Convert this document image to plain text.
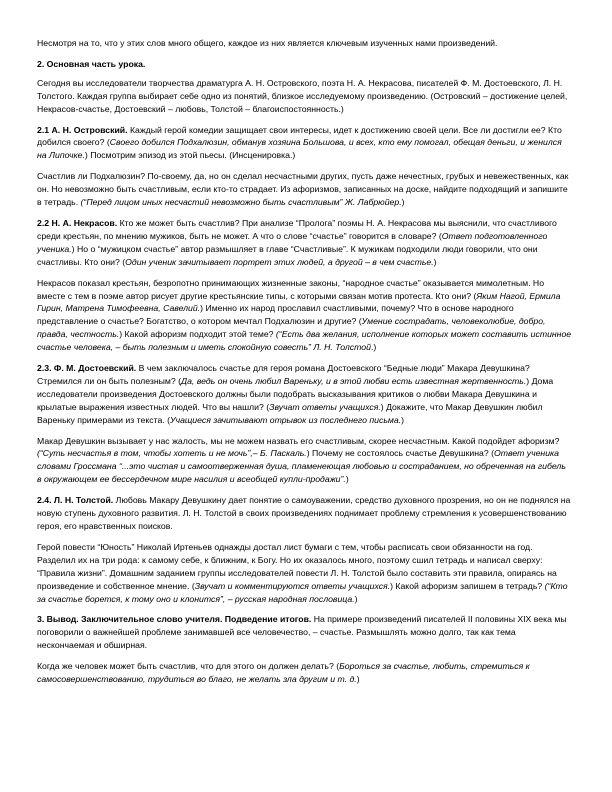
Несмотря на то, что у этих слов много общего, каждое из них является ключевым изученных нами произведений.

2. Основная часть урока.

Сегодня вы исследователи творчества драматурга А. Н. Островского, поэта Н. А. Некрасова, писателей Ф. М. Достоевского, Л. Н. Толстого. Каждая группа выбирает себе одно из понятий, близкое исследуемому произведению. (Островский – достижение целей, Некрасов-счастье, Достоевский – любовь, Толстой – благоиспостоянность.)

2.1 А. Н. Островский. Каждый герой комедии защищает свои интересы, идет к достижению своей цели. Все ли достигли ее? Кто добился своего? (Своего добился Подхалюзин, обманув хозяина Большова, и всех, кто ему помогал, обещая деньги, и женился на Липочке.) Посмотрим эпизод из этой пьесы. (Инсценировка.)

Счастлив ли Подхалюзин? По-своему, да, но он сделал несчастными других, пусть даже нечестных, грубых и невежественных, как он. Но невозможно быть счастливым, если кто-то страдает. Из афоризмов, записанных на доске, найдите подходящий и запишите в тетрадь. (“Перед лицом иных несчастий невозможно быть счастливым” Ж. Лабрюйер.)

2.2 Н. А. Некрасов. Кто же может быть счастлив? При анализе “Пролога” поэмы Н. А. Некрасова мы выяснили, что счастливого среди крестьян, по мнению мужиков, быть не может. А что о слове “счастье” говорится в словаре? (Ответ подготовленного ученика.) Но о “мужицком счастье” автор размышляет в главе “Счастливые”. К мужикам подходили люди говорили, что они счастливы. Кто они? (Один ученик зачитывает портрет этих людей, а другой – в чем счастье.)

Некрасов показал крестьян, безропотно принимающих жизненные законы, “народное счастье” оказывается мимолетным. Но вместе с тем в поэме автор рисует другие крестьянские типы, с которыми связан мотив протеста. Кто они? (Яким Нагой, Ермила Гирин, Матрена Тимофеевна, Савелий.) Именно их народ прославил счастливыми, почему? Что в основе народного представление о счастье? Богатство, о котором мечтал Подхалюзин и другие? (Умение сострадать, человеколюбие, добро, правда, честность.) Какой афоризм подходит этой теме? (“Есть два желания, исполнение которых может составить истинное счастье человека, – быть полезным и иметь спокойную совесть” Л. Н. Толстой.)

2.3. Ф. М. Достоевский. В чем заключалось счастье для героя романа Достоевского “Бедные люди” Макара Девушкина? Стремился ли он быть полезным? (Да, ведь он очень любил Вареньку, и в этой любви есть известная жертвенность.) Дома исследователи произведения Достоевского должны были подобрать высказывания критиков о любви Макара Девушкина и крылатые выражения известных людей. Что вы нашли? (Звучат ответы учащихся.) Докажите, что Макар Девушкин любил Вареньку примерами из текста. (Учащиеся зачитывают отрывок из последнего письма.)

Макар Девушкин вызывает у нас жалость, мы не можем назвать его счастливым, скорее несчастным. Какой подойдет афоризм? (“Суть несчастья в том, чтобы хотеть и не мочь”,– Б. Паскаль.) Почему не состоялось счастье Девушкина? (Ответ ученика словами Гроссмана “...это чистая и самоотверженная душа, пламенеющая любовью и состраданием, но обреченная на гибель в окружающем ее бессердечном мире насилия и всеобщей купли-продажи”.)

2.4. Л. Н. Толстой. Любовь Макару Девушкину дает понятие о самоуважении, средство духовного прозрения, но он не поднялся на новую ступень духовного развития. Л. Н. Толстой в своих произведениях поднимает проблему стремления к усовершенствованию героя, его нравственных поисков.

Герой повести “Юность” Николай Иртеньев однажды достал лист бумаги с тем, чтобы расписать свои обязанности на год. Разделил их на три рода: к самому себе, к ближним, к Богу. Но их оказалось много, поэтому сшил тетрадь и написал сверху: “Правила жизни”. Домашним заданием группы исследователей повести Л. Н. Толстой было составить эти правила, опираясь на произведение и собственное мнение. (Звучат и комментируются ответы учащихся.) Какой афоризм запишем в тетрадь? (“Кто за счастье борется, к тому оно и клонится”, – русская народная пословица.)

3. Вывод. Заключительное слово учителя. Подведение итогов. На примере произведений писателей II половины XIX века мы поговорили о важнейшей проблеме занимавшей все человечество, – счастье. Размышлять можно долго, так как тема нескончаемая и обширная.

Когда же человек может быть счастлив, что для этого он должен делать? (Бороться за счастье, любить, стремиться к самосовершенствованию, трудиться во благо, не желать зла другим и т. д.)
